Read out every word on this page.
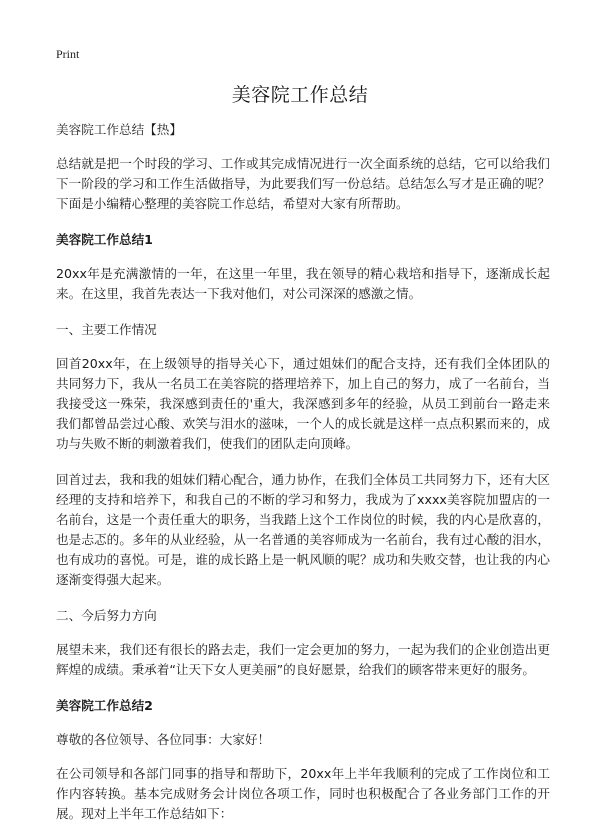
Print
美容院工作总结
美容院工作总结【热】
总结就是把一个时段的学习、工作或其完成情况进行一次全面系统的总结，它可以给我们下一阶段的学习和工作生活做指导，为此要我们写一份总结。总结怎么写才是正确的呢？下面是小编精心整理的美容院工作总结，希望对大家有所帮助。
美容院工作总结1
20xx年是充满激情的一年，在这里一年里，我在领导的精心栽培和指导下，逐渐成长起来。在这里，我首先表达一下我对他们，对公司深深的感激之情。
一、主要工作情况
回首20xx年，在上级领导的指导关心下，通过姐妹们的配合支持，还有我们全体团队的共同努力下，我从一名员工在美容院的搭理培养下，加上自己的努力，成了一名前台，当我接受这一殊荣，我深感到责任的'重大，我深感到多年的经验，从员工到前台一路走来我们都曾品尝过心酸、欢笑与泪水的滋味，一个人的成长就是这样一点点积累而来的，成功与失败不断的刺激着我们，使我们的团队走向顶峰。
回首过去，我和我的姐妹们精心配合，通力协作，在我们全体员工共同努力下，还有大区经理的支持和培养下，和我自己的不断的学习和努力，我成为了xxxx美容院加盟店的一名前台，这是一个责任重大的职务，当我踏上这个工作岗位的时候，我的内心是欣喜的，也是忐忑的。多年的从业经验，从一名普通的美容师成为一名前台，我有过心酸的泪水，也有成功的喜悦。可是，谁的成长路上是一帆风顺的呢？成功和失败交替，也让我的内心逐渐变得强大起来。
二、今后努力方向
展望未来，我们还有很长的路去走，我们一定会更加的努力，一起为我们的企业创造出更辉煌的成绩。秉承着“让天下女人更美丽”的良好愿景，给我们的顾客带来更好的服务。
美容院工作总结2
尊敬的各位领导、各位同事：大家好！
在公司领导和各部门同事的指导和帮助下，20xx年上半年我顺利的完成了工作岗位和工作内容转换。基本完成财务会计岗位各项工作，同时也积极配合了各业务部门工作的开展。现对上半年工作总结如下：
